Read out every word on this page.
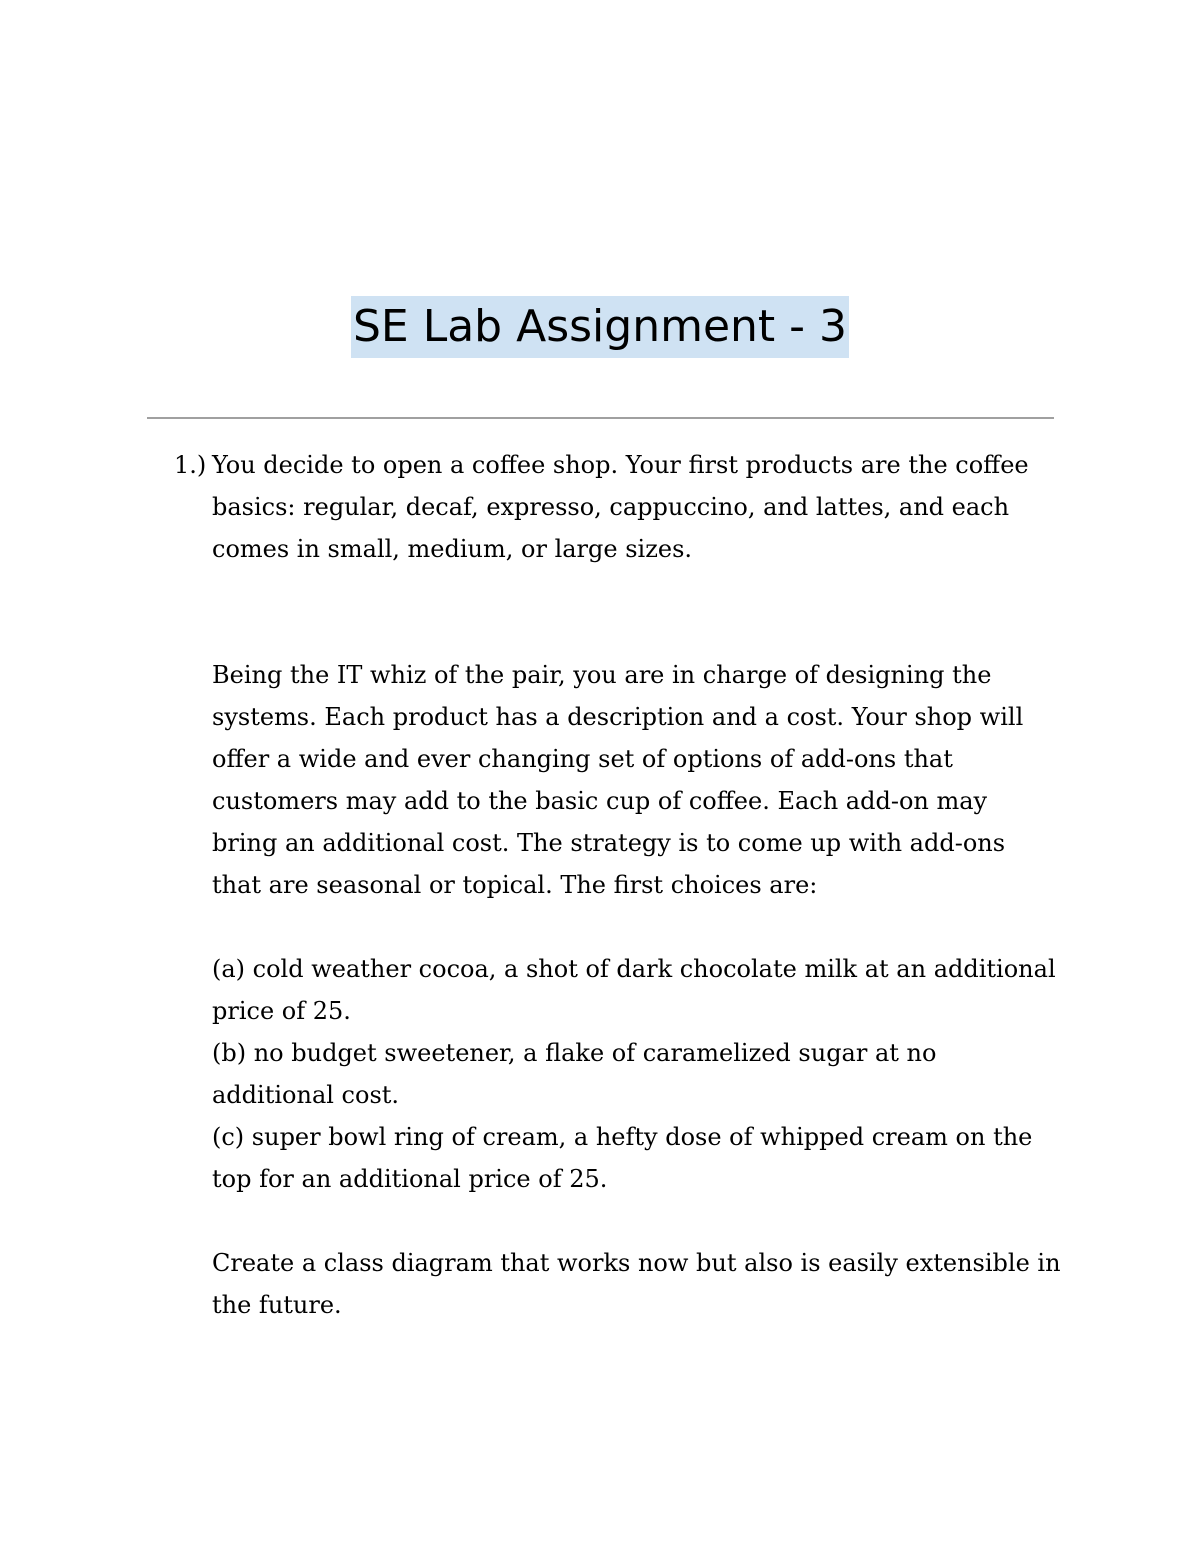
SE Lab Assignment - 3
1.) You decide to open a coffee shop. Your first products are the coffee
basics: regular, decaf, expresso, cappuccino, and lattes, and each
comes in small, medium, or large sizes.

Being the IT whiz of the pair, you are in charge of designing the
systems. Each product has a description and a cost. Your shop will
offer a wide and ever changing set of options of add-ons that
customers may add to the basic cup of coffee. Each add-on may
bring an additional cost. The strategy is to come up with add-ons
that are seasonal or topical. The first choices are:

(a) cold weather cocoa, a shot of dark chocolate milk at an additional
price of 25.
(b) no budget sweetener, a flake of caramelized sugar at no
additional cost.
(c) super bowl ring of cream, a hefty dose of whipped cream on the
top for an additional price of 25.

Create a class diagram that works now but also is easily extensible in
the future.
